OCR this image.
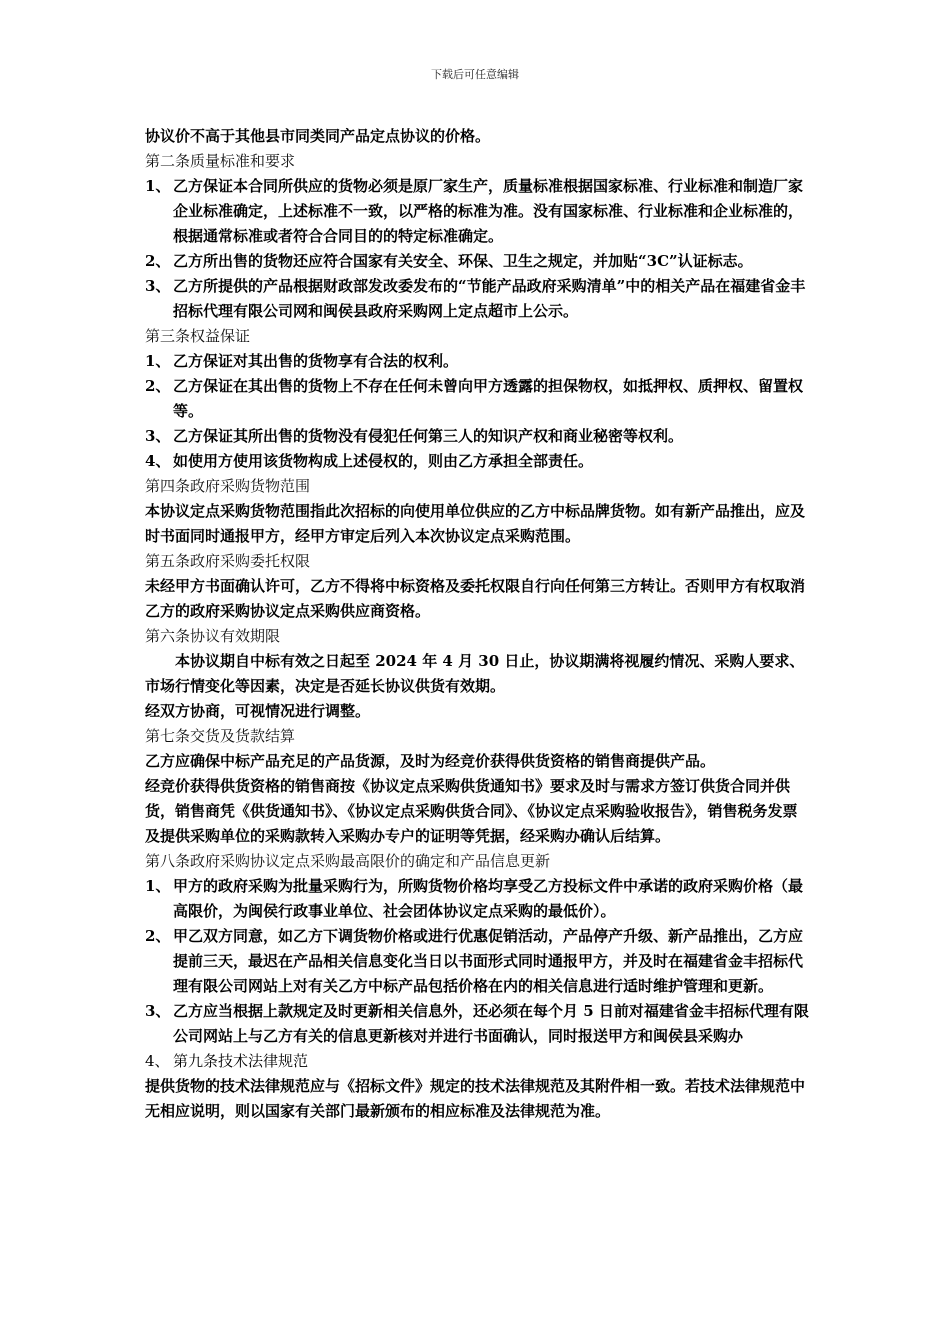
下载后可任意编辑
协议价不高于其他县市同类同产品定点协议的价格。
第二条质量标准和要求
1、 乙方保证本合同所供应的货物必须是原厂家生产，质量标准根据国家标准、行业标准和制造厂家企业标准确定，上述标准不一致，以严格的标准为准。没有国家标准、行业标准和企业标准的，根据通常标准或者符合合同目的的特定标准确定。
2、 乙方所出售的货物还应符合国家有关安全、环保、卫生之规定，并加贴“3C”认证标志。
3、 乙方所提供的产品根据财政部发改委发布的“节能产品政府采购清单”中的相关产品在福建省金丰招标代理有限公司网和闽侯县政府采购网上定点超市上公示。
第三条权益保证
1、 乙方保证对其出售的货物享有合法的权利。
2、 乙方保证在其出售的货物上不存在任何未曾向甲方透露的担保物权，如抵押权、质押权、留置权等。
3、 乙方保证其所出售的货物没有侵犯任何第三人的知识产权和商业秘密等权利。
4、 如使用方使用该货物构成上述侵权的，则由乙方承担全部责任。
第四条政府采购货物范围
本协议定点采购货物范围指此次招标的向使用单位供应的乙方中标品牌货物。如有新产品推出，应及时书面同时通报甲方，经甲方审定后列入本次协议定点采购范围。
第五条政府采购委托权限
未经甲方书面确认许可，乙方不得将中标资格及委托权限自行向任何第三方转让。否则甲方有权取消乙方的政府采购协议定点采购供应商资格。
第六条协议有效期限
本协议期自中标有效之日起至 2024 年 4 月 30 日止，协议期满将视履约情况、采购人要求、市场行情变化等因素，决定是否延长协议供货有效期。
经双方协商，可视情况进行调整。
第七条交货及货款结算
乙方应确保中标产品充足的产品货源，及时为经竞价获得供货资格的销售商提供产品。
经竞价获得供货资格的销售商按《协议定点采购供货通知书》要求及时与需求方签订供货合同并供货，销售商凭《供货通知书》、《协议定点采购供货合同》、《协议定点采购验收报告》，销售税务发票及提供采购单位的采购款转入采购办专户的证明等凭据，经采购办确认后结算。
第八条政府采购协议定点采购最高限价的确定和产品信息更新
1、 甲方的政府采购为批量采购行为，所购货物价格均享受乙方投标文件中承诺的政府采购价格（最高限价，为闽侯行政事业单位、社会团体协议定点采购的最低价）。
2、 甲乙双方同意，如乙方下调货物价格或进行优惠促销活动，产品停产升级、新产品推出，乙方应提前三天，最迟在产品相关信息变化当日以书面形式同时通报甲方，并及时在福建省金丰招标代理有限公司网站上对有关乙方中标产品包括价格在内的相关信息进行适时维护管理和更新。
3、 乙方应当根据上款规定及时更新相关信息外，还必须在每个月 5 日前对福建省金丰招标代理有限公司网站上与乙方有关的信息更新核对并进行书面确认，同时报送甲方和闽侯县采购办
4、 第九条技术法律规范
提供货物的技术法律规范应与《招标文件》规定的技术法律规范及其附件相一致。若技术法律规范中无相应说明，则以国家有关部门最新颁布的相应标准及法律规范为准。
